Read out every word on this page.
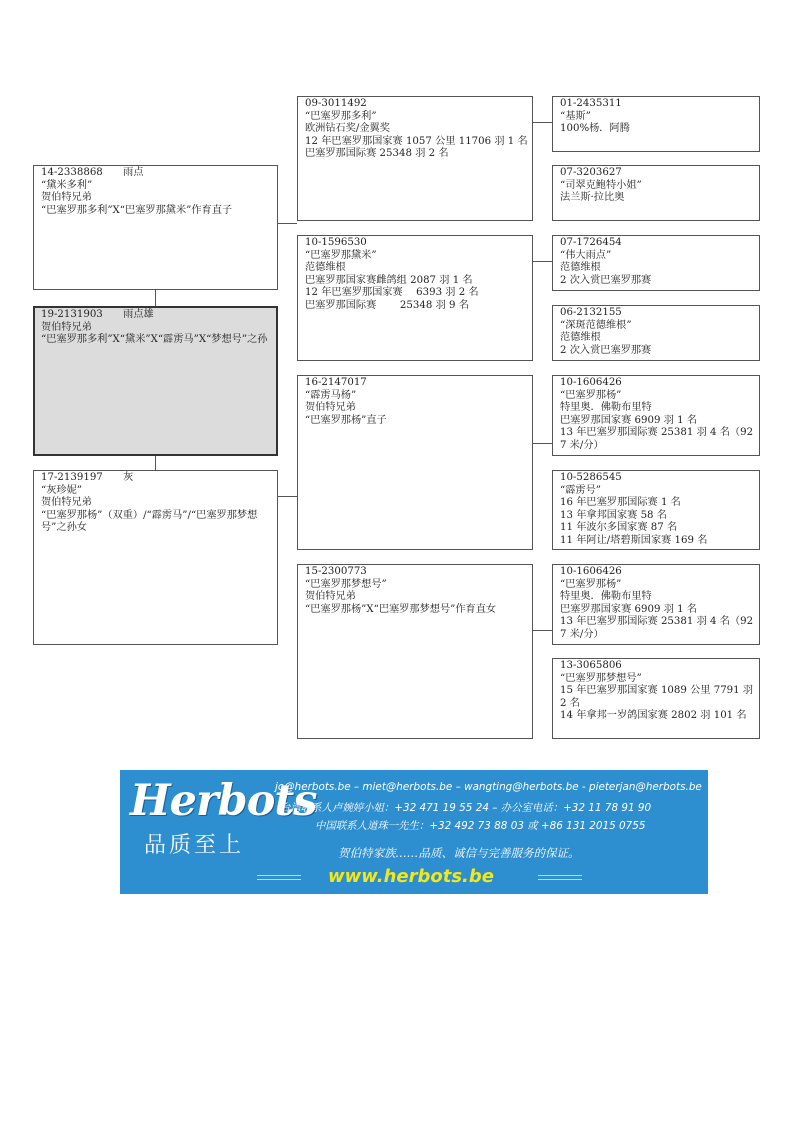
14-2338868　　雨点
“黛米多利”
贺伯特兄弟
“巴塞罗那多利”X“巴塞罗那黛米”作育直子
19-2131903　　雨点雄
贺伯特兄弟
“巴塞罗那多利”X“黛米”X“霹雳马”X“梦想号”之孙
17-2139197　　灰
“灰珍妮”
贺伯特兄弟
“巴塞罗那杨”（双重）/“霹雳马”/“巴塞罗那梦想号”之孙女
09-3011492
“巴塞罗那多利”
欧洲钻石奖/金翼奖
12 年巴塞罗那国家赛 1057 公里 11706 羽 1 名
巴塞罗那国际赛 25348 羽 2 名
10-1596530
“巴塞罗那黛米”
范德维根
巴塞罗那国家赛雌鸽组 2087 羽 1 名
12 年巴塞罗那国家赛　 6393 羽 2 名
巴塞罗那国际赛　　 25348 羽 9 名
16-2147017
“霹雳马杨”
贺伯特兄弟
“巴塞罗那杨”直子
15-2300773
“巴塞罗那梦想号”
贺伯特兄弟
“巴塞罗那杨”X“巴塞罗那梦想号”作育直女
01-2435311
“基斯”
100%杨．阿腾
07-3203627
“司翠克鲍特小姐”
法兰斯·拉比奥
07-1726454
“伟大雨点”
范德维根
2 次入赏巴塞罗那赛
06-2132155
“深斑范德维根”
范德维根
2 次入赏巴塞罗那赛
10-1606426
“巴塞罗那杨”
特里奥．佛勒布里特
巴塞罗那国家赛 6909 羽 1 名
13 年巴塞罗那国际赛 25381 羽 4 名（927 米/分）
10-5286545
“霹雳号”
16 年巴塞罗那国际赛 1 名
13 年拿邦国家赛 58 名
11 年波尔多国家赛 87 名
11 年阿让/塔碧斯国家赛 169 名
10-1606426
“巴塞罗那杨”
特里奥．佛勒布里特
巴塞罗那国家赛 6909 羽 1 名
13 年巴塞罗那国际赛 25381 羽 4 名（927 米/分）
13-3065806
“巴塞罗那梦想号”
15 年巴塞罗那国家赛 1089 公里 7791 羽 2 名
14 年拿邦一岁鸽国家赛 2802 羽 101 名
Herbots
品质至上
jo@herbots.be – miet@herbots.be – wangting@herbots.be - pieterjan@herbots.be
台湾联系人卢婉婷小姐：+32 471 19 55 24 – 办公室电话：+32 11 78 91 90
中国联系人道珠一先生：+32 492 73 88 03 或 +86 131 2015 0755
贺伯特家族……品质、诚信与完善服务的保证。
www.herbots.be
